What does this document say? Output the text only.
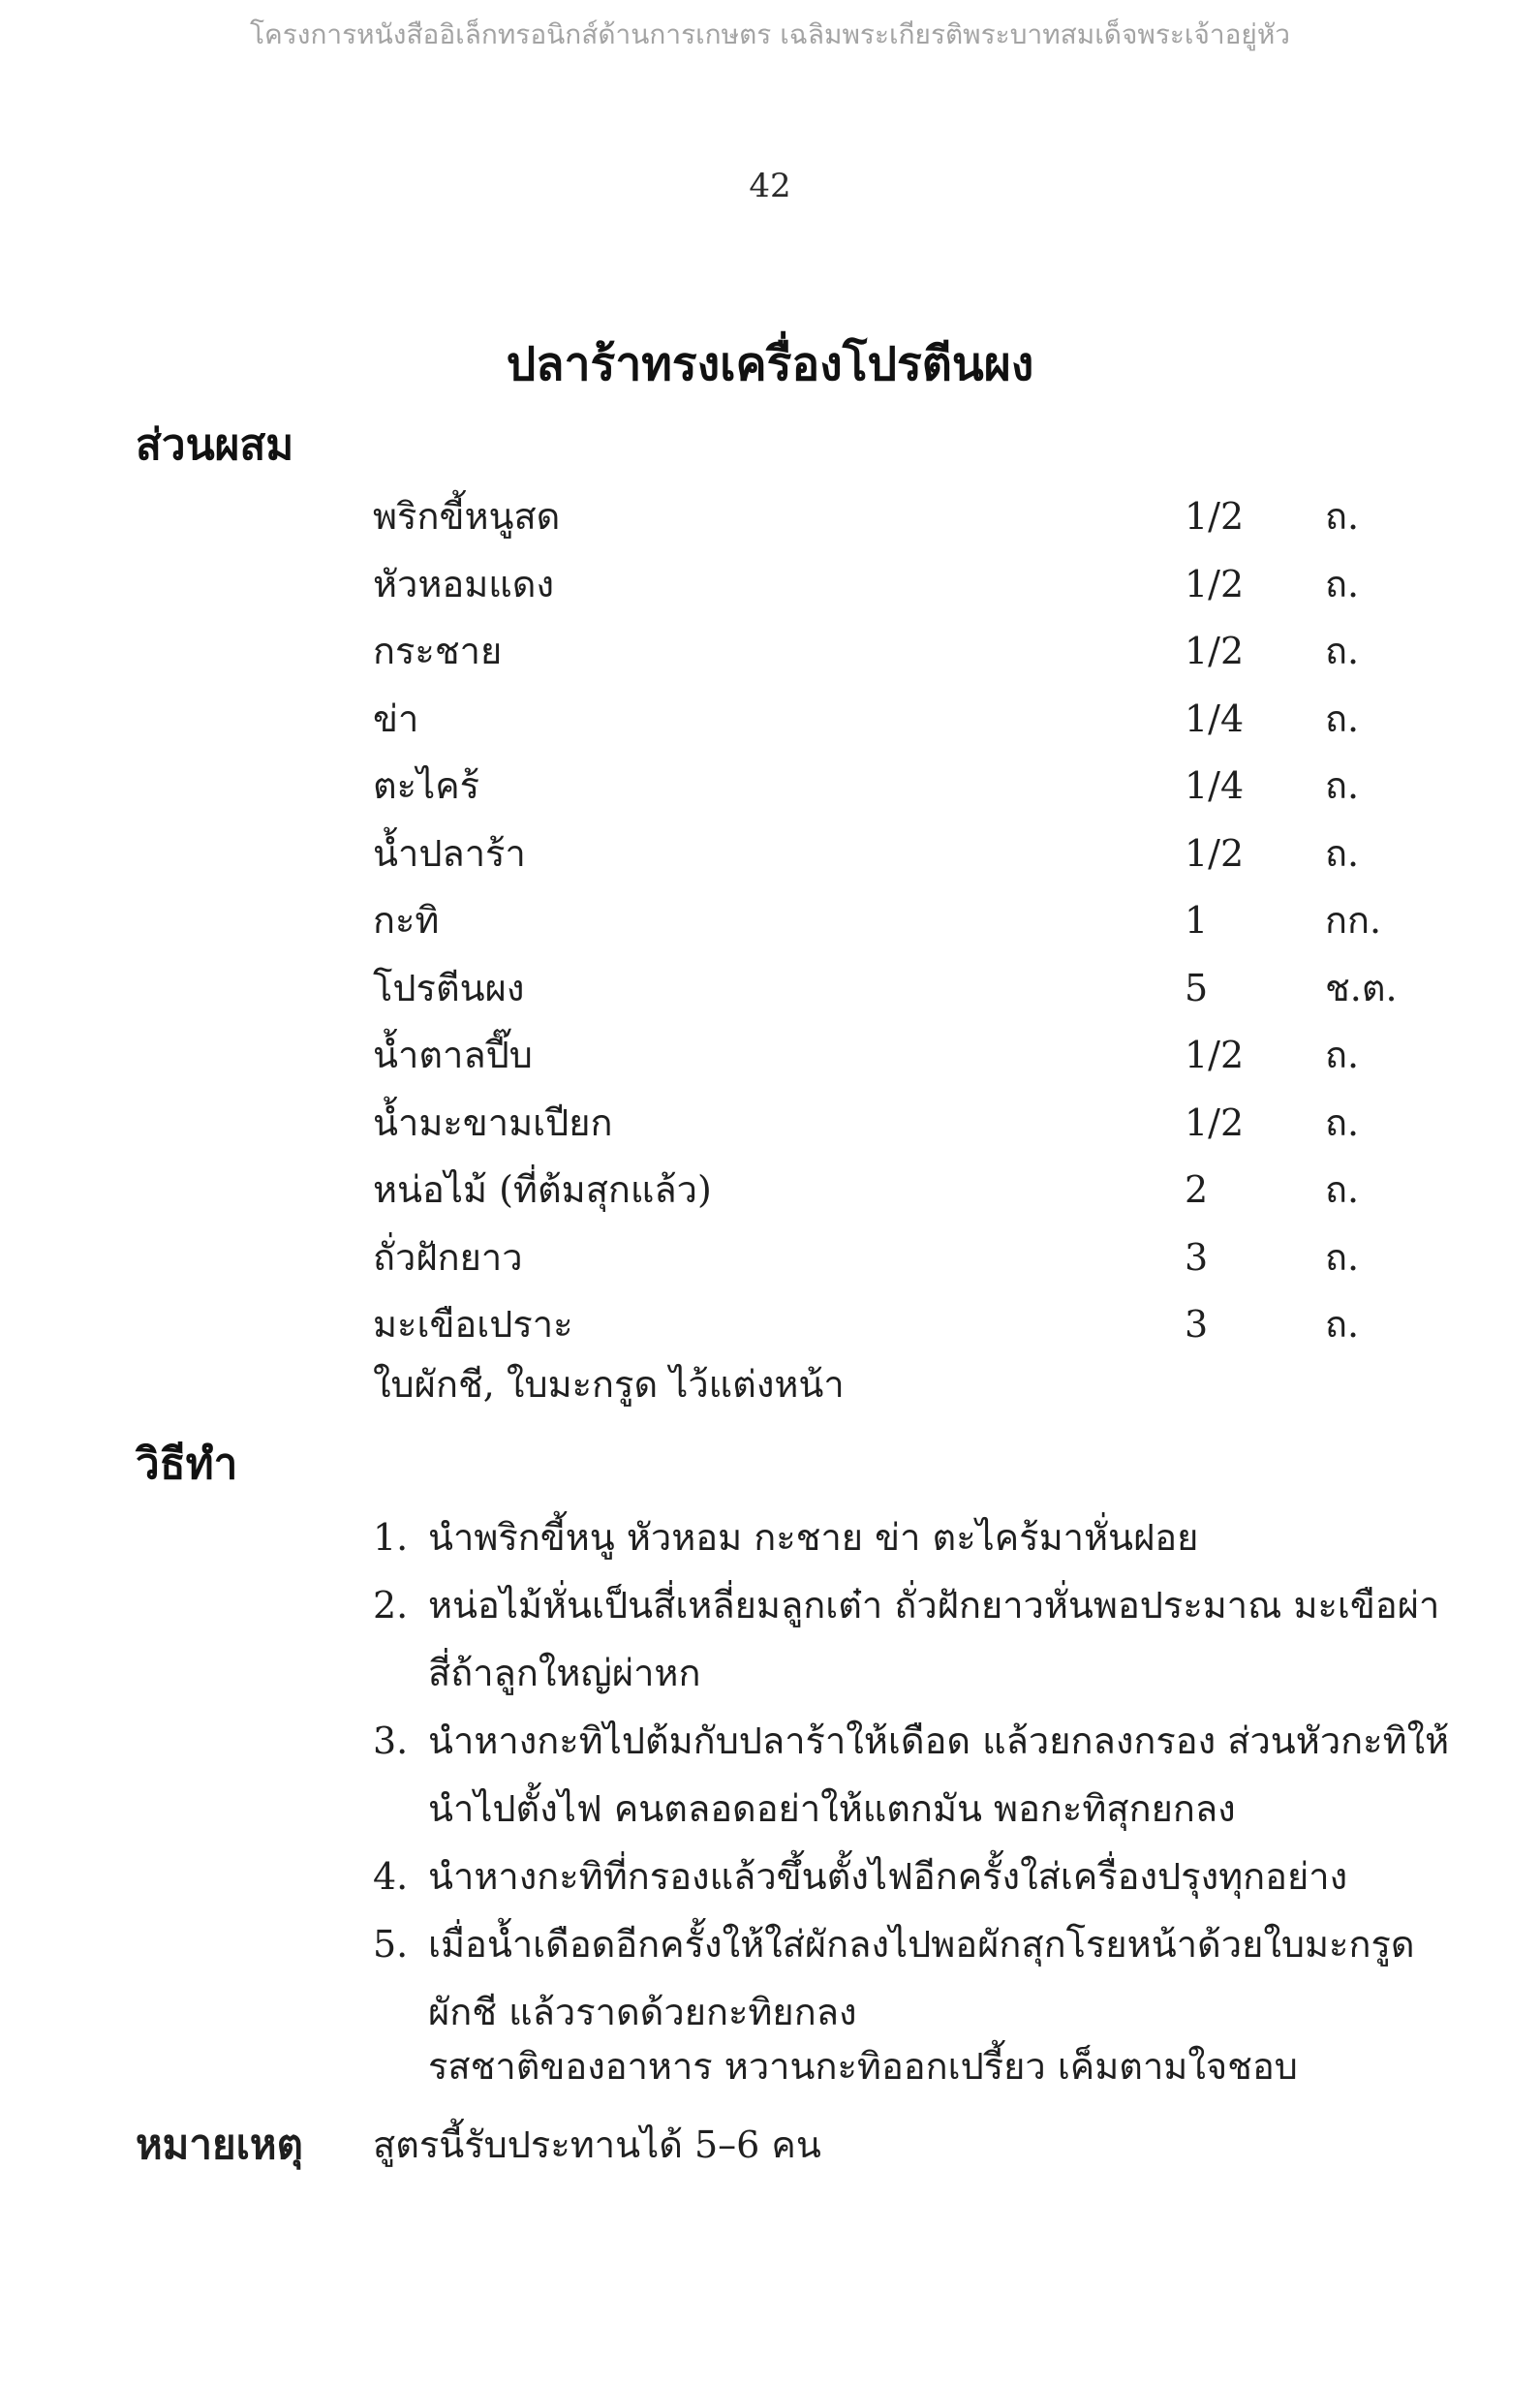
โครงการหนังสืออิเล็กทรอนิกส์ด้านการเกษตร เฉลิมพระเกียรติพระบาทสมเด็จพระเจ้าอยู่หัว
42
ปลาร้าทรงเครื่องโปรตีนผง
ส่วนผสม
พริกขี้หนูสด	1/2 ถ.
หัวหอมแดง	1/2 ถ.
กระชาย	1/2 ถ.
ข่า	1/4 ถ.
ตะไคร้	1/4 ถ.
น้ำปลาร้า	1/2 ถ.
กะทิ	1	กก.
โปรตีนผง	5	ช.ต.
น้ำตาลปี๊บ	1/2 ถ.
น้ำมะขามเปียก	1/2 ถ.
หน่อไม้ (ที่ต้มสุกแล้ว)	2	ถ.
ถั่วฝักยาว	3	ถ.
มะเขือเปราะ	3	ถ.
ใบผักชี, ใบมะกรูด ไว้แต่งหน้า
วิธีทำ
1. นำพริกขี้หนู หัวหอม กะชาย ข่า ตะไคร้มาหั่นฝอย
2. หน่อไม้หั่นเป็นสี่เหลี่ยมลูกเต๋า ถั่วฝักยาวหั่นพอประมาณ มะเขือผ่าสี่ถ้าลูกใหญ่ผ่าหก
3. นำหางกะทิไปต้มกับปลาร้าให้เดือด แล้วยกลงกรอง ส่วนหัวกะทิให้นำไปตั้งไฟ คนตลอดอย่าให้แตกมัน พอกะทิสุกยกลง
4. นำหางกะทิที่กรองแล้วขึ้นตั้งไฟอีกครั้งใส่เครื่องปรุงทุกอย่าง
5. เมื่อน้ำเดือดอีกครั้งให้ใส่ผักลงไปพอผักสุกโรยหน้าด้วยใบมะกรูดผักชี แล้วราดด้วยกะทิยกลง
รสชาติของอาหาร หวานกะทิออกเปรี้ยว เค็มตามใจชอบ
หมายเหตุ สูตรนี้รับประทานได้ 5–6 คน
